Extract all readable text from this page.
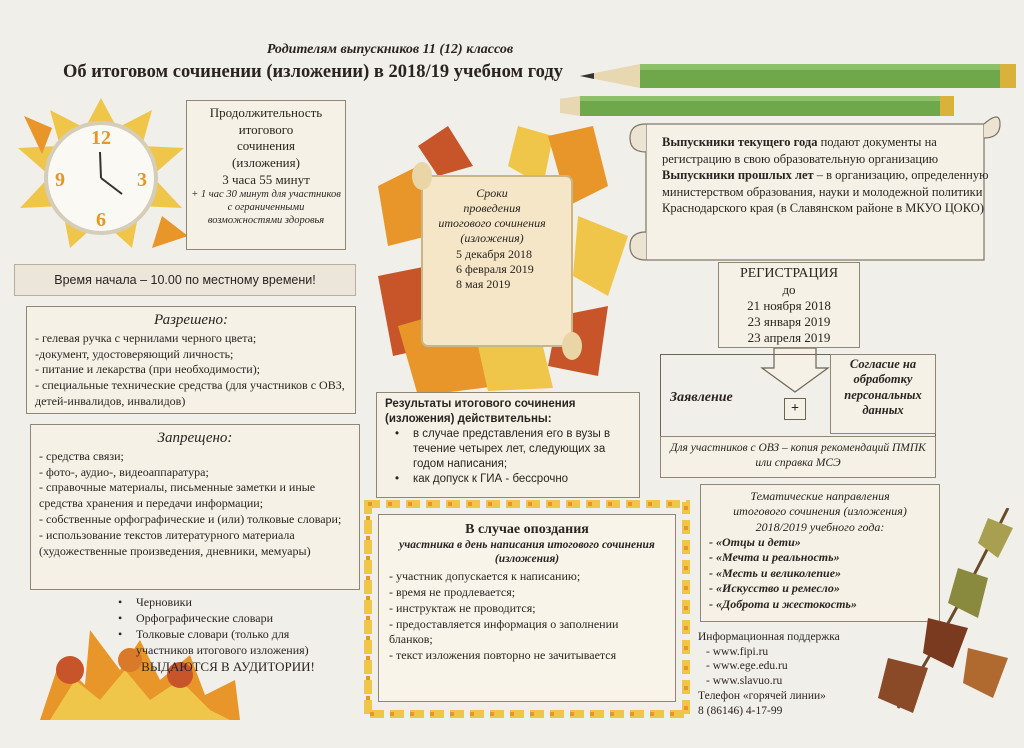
Родителям выпускников 11 (12) классов
Об итоговом сочинении (изложении) в 2018/19 учебном году
12
3
6
9
Продолжительность
итогового
сочинения
(изложения)
3 часа 55 минут
+ 1 час 30 минут для участников с ограниченными возможностями здоровья
Время начала – 10.00 по местному времени!
Разрешено:
- гелевая ручка с чернилами черного цвета;
-документ, удостоверяющий личность;
- питание и лекарства (при необходимости);
- специальные технические средства (для участников с ОВЗ, детей-инвалидов, инвалидов)
Запрещено:
- средства связи;
- фото-, аудио-, видеоаппаратура;
- справочные материалы, письменные заметки и иные средства хранения и передачи информации;
- собственные орфографические и (или) толковые словари;
- использование текстов литературного материала (художественные произведения, дневники, мемуары)
• Черновики
• Орфографические словари
• Толковые словари (только для участников итогового изложения)
ВЫДАЮТСЯ В АУДИТОРИИ!
Сроки
проведения
итогового сочинения
(изложения)
5 декабря 2018
6 февраля 2019
8 мая 2019
Результаты итогового сочинения (изложения) действительны:
• в случае представления его в вузы в течение четырех лет, следующих за годом написания;
• как допуск к ГИА - бессрочно
В случае опоздания
участника в день написания итогового сочинения (изложения)
- участник допускается к написанию;
- время не продлевается;
- инструктаж не проводится;
- предоставляется информация о заполнении бланков;
- текст изложения повторно не зачитывается
Выпускники текущего года подают документы на регистрацию в свою образовательную организацию
Выпускники прошлых лет – в организацию, определенную министерством образования, науки и молодежной политики Краснодарского края (в Славянском районе в МКУО ЦОКО)
РЕГИСТРАЦИЯ
до
21 ноября 2018
23 января 2019
23 апреля 2019
Заявление
+
Согласие на
обработку
персональных
данных
Для участников с ОВЗ – копия рекомендаций ПМПК или справка МСЭ
Тематические направления
итогового сочинения (изложения)
2018/2019 учебного года:
- «Отцы и дети»
- «Мечта и реальность»
- «Месть и великолепие»
- «Искусство и ремесло»
- «Доброта и жестокость»
Информационная поддержка
- www.fipi.ru
- www.ege.edu.ru
- www.slavuo.ru
Телефон «горячей линии»
8 (86146) 4-17-99
